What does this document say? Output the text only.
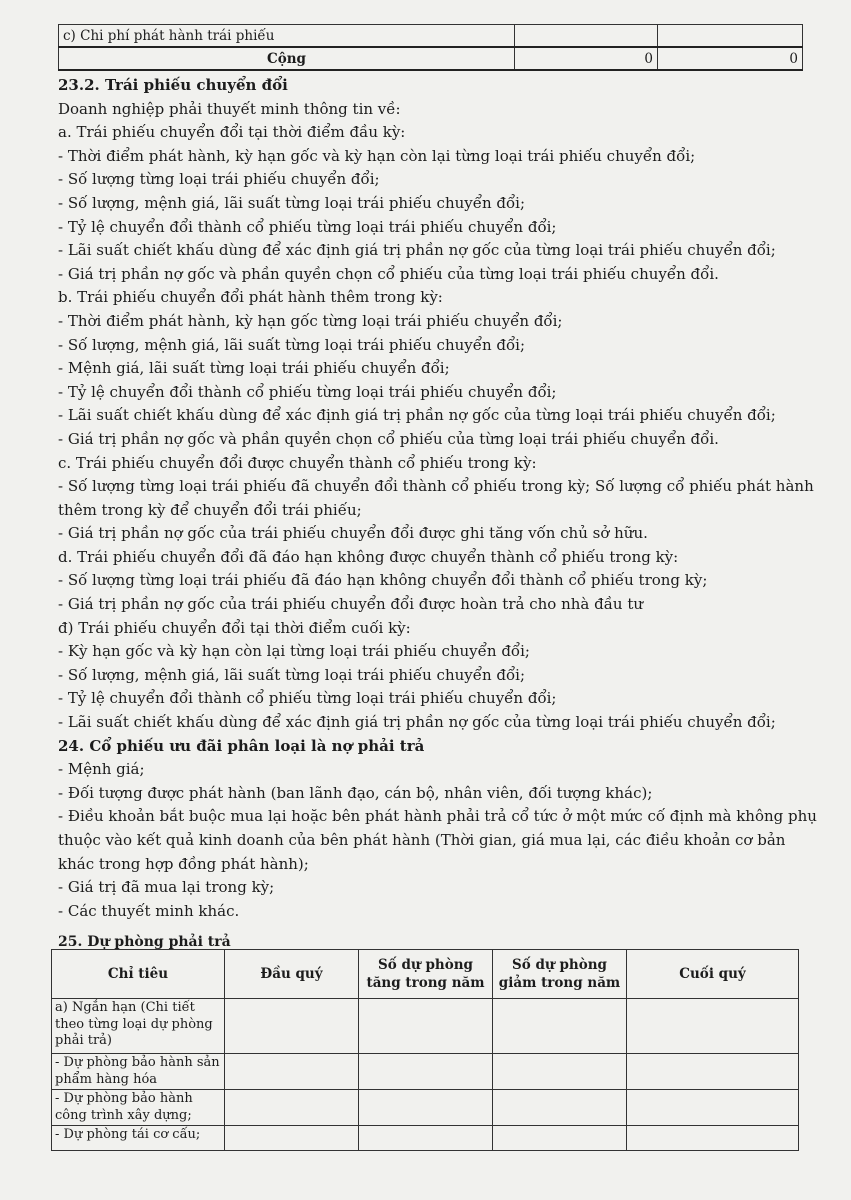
c) Chi phí phát hành trái phiếu		
Cộng	0	0

23.2. Trái phiếu chuyển đổi

Doanh nghiệp phải thuyết minh thông tin về:

a. Trái phiếu chuyển đổi tại thời điểm đầu kỳ:

- Thời điểm phát hành, kỳ hạn gốc và kỳ hạn còn lại từng loại trái phiếu chuyển đổi;

- Số lượng từng loại trái phiếu chuyển đổi;

- Số lượng, mệnh giá, lãi suất từng loại trái phiếu chuyển đổi;

- Tỷ lệ chuyển đổi thành cổ phiếu từng loại trái phiếu chuyển đổi;

- Lãi suất chiết khấu dùng để xác định giá trị phần nợ gốc của từng loại trái phiếu chuyển đổi;

- Giá trị phần nợ gốc và phần quyền chọn cổ phiếu của từng loại trái phiếu chuyển đổi.

b. Trái phiếu chuyển đổi phát hành thêm trong kỳ:

- Thời điểm phát hành, kỳ hạn gốc từng loại trái phiếu chuyển đổi;

- Số lượng, mệnh giá, lãi suất từng loại trái phiếu chuyển đổi;

- Mệnh giá, lãi suất từng loại trái phiếu chuyển đổi;

- Tỷ lệ chuyển đổi thành cổ phiếu từng loại trái phiếu chuyển đổi;

- Lãi suất chiết khấu dùng để xác định giá trị phần nợ gốc của từng loại trái phiếu chuyển đổi;

- Giá trị phần nợ gốc và phần quyền chọn cổ phiếu của từng loại trái phiếu chuyển đổi.

c. Trái phiếu chuyển đổi được chuyển thành cổ phiếu trong kỳ:

- Số lượng từng loại trái phiếu đã chuyển đổi thành cổ phiếu trong kỳ; Số lượng cổ phiếu phát hành thêm trong kỳ để chuyển đổi trái phiếu;

- Giá trị phần nợ gốc của trái phiếu chuyển đổi được ghi tăng vốn chủ sở hữu.

d. Trái phiếu chuyển đổi đã đáo hạn không được chuyển thành cổ phiếu trong kỳ:

- Số lượng từng loại trái phiếu đã đáo hạn không chuyển đổi thành cổ phiếu trong kỳ;

- Giá trị phần nợ gốc của trái phiếu chuyển đổi được hoàn trả cho nhà đầu tư

đ) Trái phiếu chuyển đổi tại thời điểm cuối kỳ:

- Kỳ hạn gốc và kỳ hạn còn lại từng loại trái phiếu chuyển đổi;

- Số lượng, mệnh giá, lãi suất từng loại trái phiếu chuyển đổi;

- Tỷ lệ chuyển đổi thành cổ phiếu từng loại trái phiếu chuyển đổi;

- Lãi suất chiết khấu dùng để xác định giá trị phần nợ gốc của từng loại trái phiếu chuyển đổi;

24. Cổ phiếu ưu đãi phân loại là nợ phải trả

- Mệnh giá;

- Đối tượng được phát hành (ban lãnh đạo, cán bộ, nhân viên, đối tượng khác);

- Điều khoản bắt buộc mua lại hoặc bên phát hành phải trả cổ tức ở một mức cố định mà không phụ thuộc vào kết quả kinh doanh của bên phát hành (Thời gian, giá mua lại, các điều khoản cơ bản khác trong hợp đồng phát hành);

- Giá trị đã mua lại trong kỳ;

- Các thuyết minh khác.

25. Dự phòng phải trả
Chỉ tiêu	Đầu quý	Số dự phòng tăng trong năm	Số dự phòng giảm trong năm	Cuối quý
a) Ngắn hạn (Chi tiết theo từng loại dự phòng phải trả)				
- Dự phòng bảo hành sản phẩm hàng hóa				
- Dự phòng bảo hành công trình xây dựng;				
- Dự phòng tái cơ cấu;				
